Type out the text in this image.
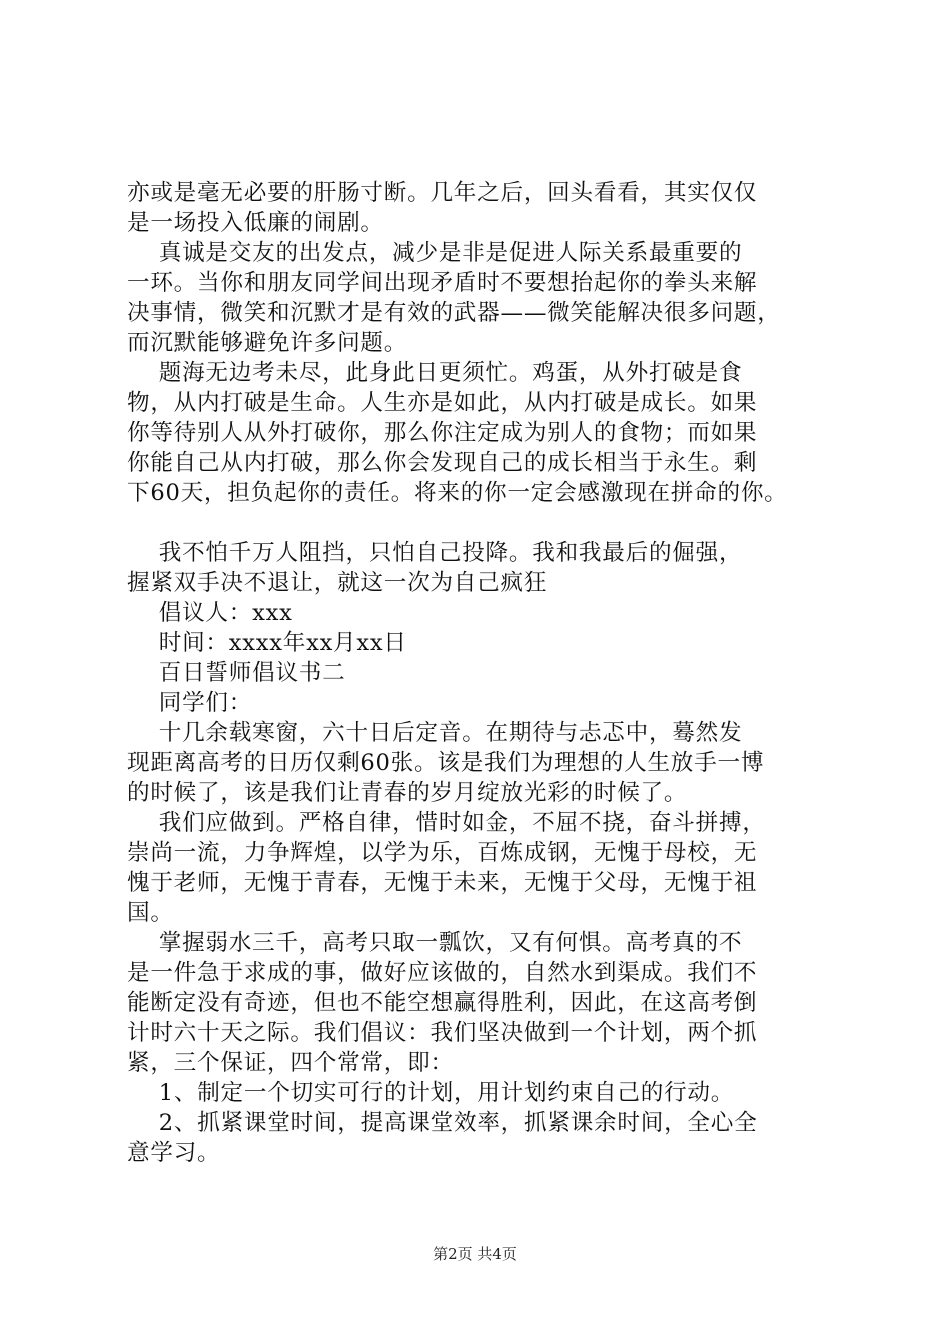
亦或是毫无必要的肝肠寸断。几年之后，回头看看，其实仅仅
是一场投入低廉的闹剧。
真诚是交友的出发点，减少是非是促进人际关系最重要的
一环。当你和朋友同学间出现矛盾时不要想抬起你的拳头来解
决事情，微笑和沉默才是有效的武器——微笑能解决很多问题，
而沉默能够避免许多问题。
题海无边考未尽，此身此日更须忙。鸡蛋，从外打破是食
物，从内打破是生命。人生亦是如此，从内打破是成长。如果
你等待别人从外打破你，那么你注定成为别人的食物；而如果
你能自己从内打破，那么你会发现自己的成长相当于永生。剩
下60天，担负起你的责任。将来的你一定会感激现在拼命的你。
我不怕千万人阻挡，只怕自己投降。我和我最后的倔强，
握紧双手决不退让，就这一次为自己疯狂
倡议人：xxx
时间：xxxx年xx月xx日
百日誓师倡议书二
同学们：
十几余载寒窗，六十日后定音。在期待与忐忑中，蓦然发
现距离高考的日历仅剩60张。该是我们为理想的人生放手一博
的时候了，该是我们让青春的岁月绽放光彩的时候了。
我们应做到。严格自律，惜时如金，不屈不挠，奋斗拼搏，
崇尚一流，力争辉煌，以学为乐，百炼成钢，无愧于母校，无
愧于老师，无愧于青春，无愧于未来，无愧于父母，无愧于祖
国。
掌握弱水三千，高考只取一瓢饮，又有何惧。高考真的不
是一件急于求成的事，做好应该做的，自然水到渠成。我们不
能断定没有奇迹，但也不能空想赢得胜利，因此，在这高考倒
计时六十天之际。我们倡议：我们坚决做到一个计划，两个抓
紧，三个保证，四个常常，即：
1、制定一个切实可行的计划，用计划约束自己的行动。
2、抓紧课堂时间，提高课堂效率，抓紧课余时间，全心全
意学习。
第2页 共4页
